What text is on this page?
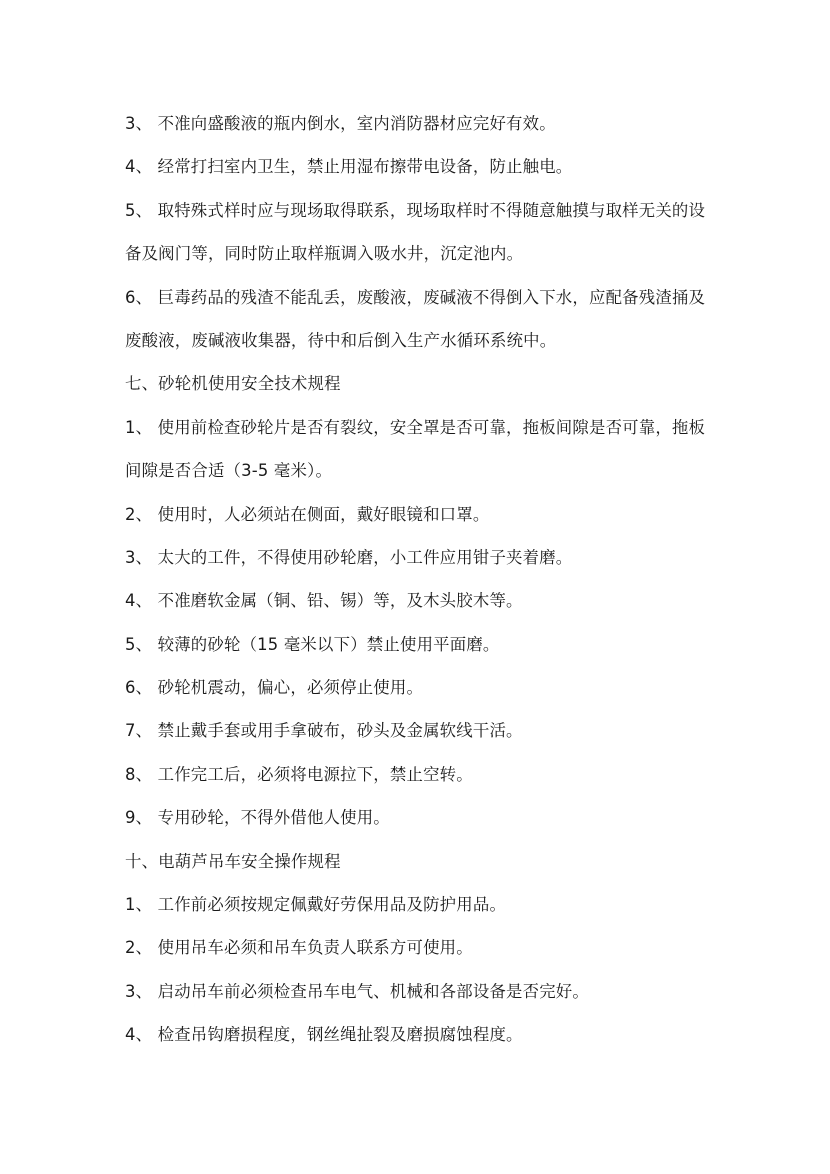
3、 不准向盛酸液的瓶内倒水，室内消防器材应完好有效。
4、 经常打扫室内卫生，禁止用湿布擦带电设备，防止触电。
5、 取特殊式样时应与现场取得联系，现场取样时不得随意触摸与取样无关的设
备及阀门等，同时防止取样瓶调入吸水井，沉定池内。
6、 巨毒药品的残渣不能乱丢，废酸液，废碱液不得倒入下水，应配备残渣捅及
废酸液，废碱液收集器，待中和后倒入生产水循环系统中。
七、砂轮机使用安全技术规程
1、 使用前检查砂轮片是否有裂纹，安全罩是否可靠，拖板间隙是否可靠，拖板
间隙是否合适（3-5 毫米）。
2、 使用时，人必须站在侧面，戴好眼镜和口罩。
3、 太大的工件，不得使用砂轮磨，小工件应用钳子夹着磨。
4、 不准磨软金属（铜、铅、锡）等，及木头胶木等。
5、 较薄的砂轮（15 毫米以下）禁止使用平面磨。
6、 砂轮机震动，偏心，必须停止使用。
7、 禁止戴手套或用手拿破布，砂头及金属软线干活。
8、 工作完工后，必须将电源拉下，禁止空转。
9、 专用砂轮，不得外借他人使用。
十、电葫芦吊车安全操作规程
1、 工作前必须按规定佩戴好劳保用品及防护用品。
2、 使用吊车必须和吊车负责人联系方可使用。
3、 启动吊车前必须检查吊车电气、机械和各部设备是否完好。
4、 检查吊钩磨损程度，钢丝绳扯裂及磨损腐蚀程度。
